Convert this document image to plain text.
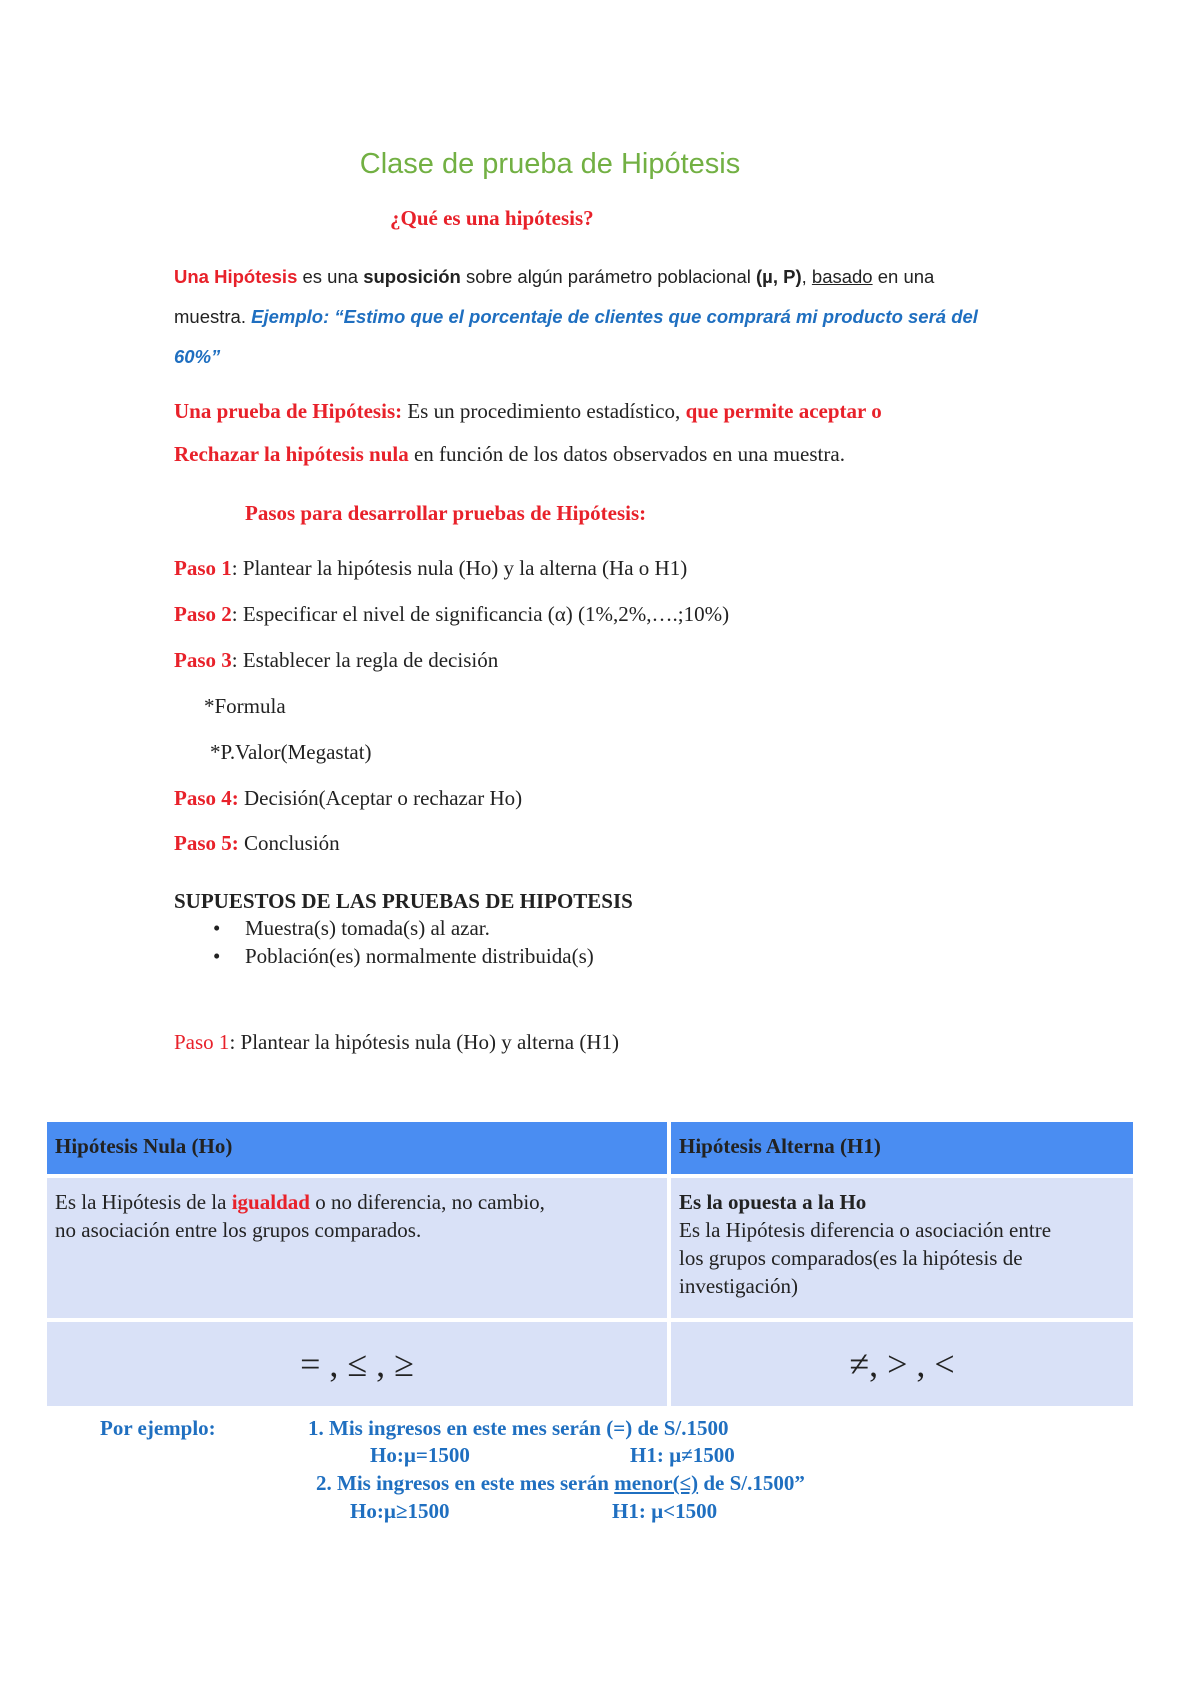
Clase de prueba de Hipótesis
¿Qué es una hipótesis?
Una Hipótesis es una suposición sobre algún parámetro poblacional (µ, P), basado en una
muestra. Ejemplo: “Estimo que el porcentaje de clientes que comprará mi producto será del
60%”
Una prueba de Hipótesis: Es un procedimiento estadístico, que permite aceptar o
Rechazar la hipótesis nula en función de los datos observados en una muestra.
Pasos para desarrollar pruebas de Hipótesis:
Paso 1: Plantear la hipótesis nula (Ho) y la alterna (Ha o H1)
Paso 2: Especificar el nivel de significancia (α) (1%,2%,….;10%)
Paso 3: Establecer la regla de decisión
*Formula
*P.Valor(Megastat)
Paso 4: Decisión(Aceptar o rechazar Ho)
Paso 5: Conclusión
SUPUESTOS DE LAS PRUEBAS DE HIPOTESIS
• Muestra(s) tomada(s) al azar.
• Población(es) normalmente distribuida(s)
Paso 1: Plantear la hipótesis nula (Ho) y alterna (H1)
Hipótesis Nula (Ho)	Hipótesis Alterna (H1)
Es la Hipótesis de la igualdad o no diferencia, no cambio,
no asociación entre los grupos comparados.	Es la opuesta a la Ho
Es la Hipótesis diferencia o asociación entre
los grupos comparados(es la hipótesis de
investigación)
= , ≤ , ≥	≠, > , <
Por ejemplo:	1. Mis ingresos en este mes serán (=) de S/.1500
Ho:µ=1500	H1: µ≠1500
2. Mis ingresos en este mes serán menor(≤) de S/.1500”
Ho:µ≥1500	H1: µ<1500
